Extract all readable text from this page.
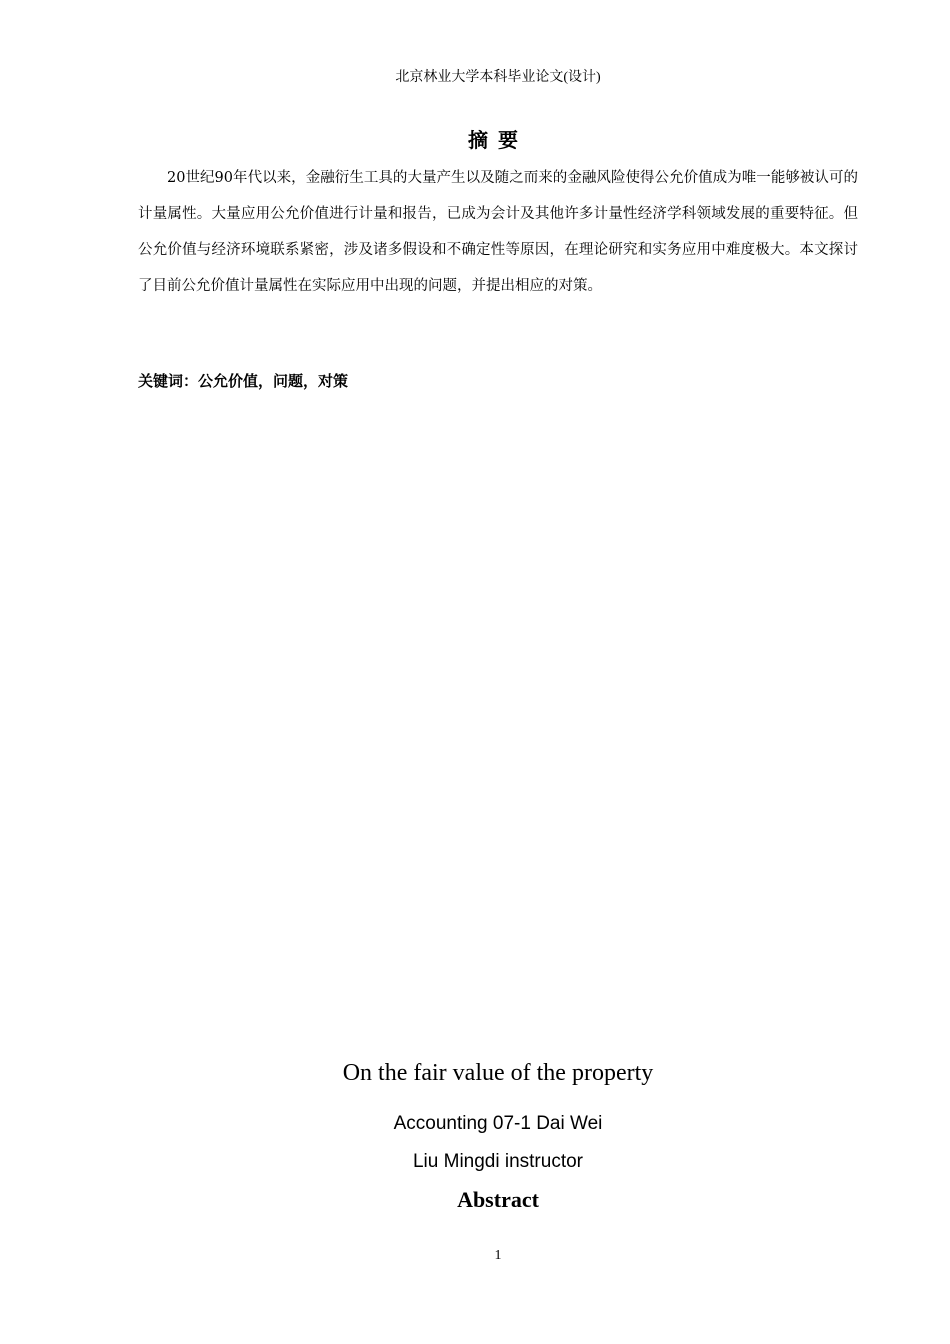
北京林业大学本科毕业论文(设计)
摘要

20世纪90年代以来，金融衍生工具的大量产生以及随之而来的金融风险使得公允价值成为唯一能够被认可的计量属性。大量应用公允价值进行计量和报告，已成为会计及其他许多计量性经济学科领域发展的重要特征。但公允价值与经济环境联系紧密，涉及诸多假设和不确定性等原因，在理论研究和实务应用中难度极大。本文探讨了目前公允价值计量属性在实际应用中出现的问题，并提出相应的对策。

关键词：公允价值，问题，对策
On the fair value of the property
Accounting 07-1 Dai Wei
Liu Mingdi instructor
Abstract
1
